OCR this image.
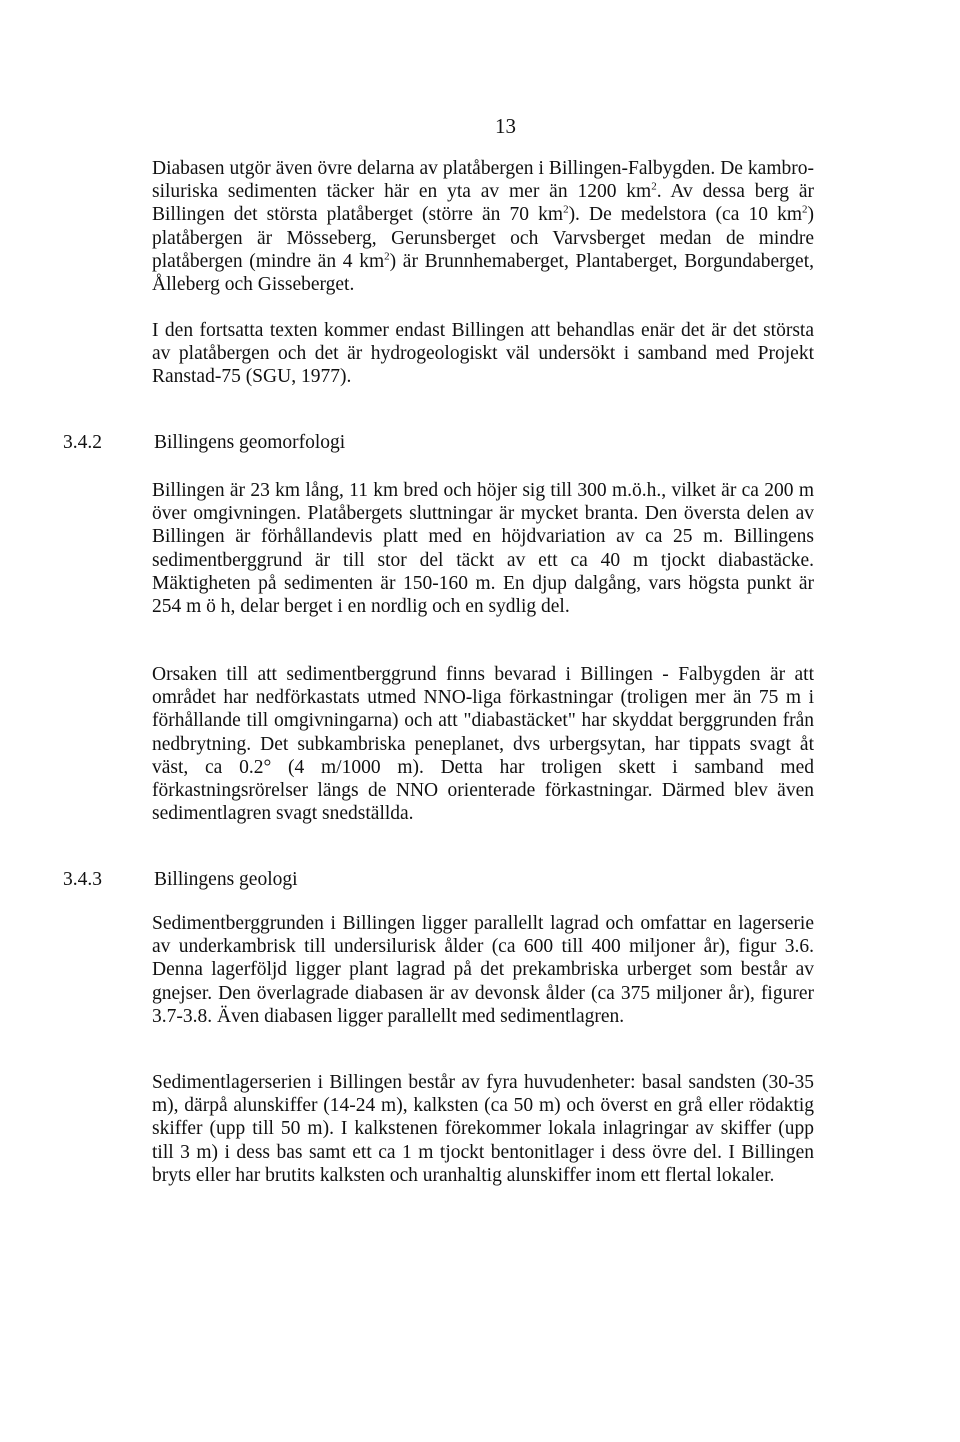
13

Diabasen utgör även övre delarna av platåbergen i Billingen-Falbygden. De kambro-siluriska sedimenten täcker här en yta av mer än 1200 $km^2$. Av dessa berg är Billingen det största platåberget (större än 70 $km^2$). De medelstora (ca 10 $km^2$) platåbergen är Mösseberg, Gerunsberget och Varvsberget medan de mindre platåbergen (mindre än 4 $km^2$) är Brunnhemaberget, Plantaberget, Borgundaberget, Ålleberg och Gisseberget.

I den fortsatta texten kommer endast Billingen att behandlas enär det är det största av platåbergen och det är hydrogeologiskt väl undersökt i samband med Projekt Ranstad-75 (SGU, 1977).

3.4.2	Billingens geomorfologi

Billingen är 23 km lång, 11 km bred och höjer sig till 300 m.ö.h., vilket är ca 200 m över omgivningen. Platåbergets sluttningar är mycket branta. Den översta delen av Billingen är förhållandevis platt med en höjdvariation av ca 25 m. Billingens sedimentberggrund är till stor del täckt av ett ca 40 m tjockt diabastäcke. Mäktigheten på sedimenten är 150-160 m. En djup dalgång, vars högsta punkt är 254 m ö h, delar berget i en nordlig och en sydlig del.

Orsaken till att sedimentberggrund finns bevarad i Billingen - Falbygden är att området har nedförkastats utmed NNO-liga förkastningar (troligen mer än 75 m i förhållande till omgivningarna) och att "diabastäcket" har skyddat berggrunden från nedbrytning. Det subkambriska peneplanet, dvs urbergsytan, har tippats svagt åt väst, ca 0.2° (4 m/1000 m). Detta har troligen skett i samband med förkastningsrörelser längs de NNO orienterade förkastningar. Därmed blev även sedimentlagren svagt snedställda.

3.4.3	Billingens geologi

Sedimentberggrunden i Billingen ligger parallellt lagrad och omfattar en lagerserie av underkambrisk till undersilurisk ålder (ca 600 till 400 miljoner år), figur 3.6. Denna lagerföljd ligger plant lagrad på det prekambriska urberget som består av gnejser. Den överlagrade diabasen är av devonsk ålder (ca 375 miljoner år), figurer 3.7-3.8. Även diabasen ligger parallellt med sedimentlagren.

Sedimentlagerserien i Billingen består av fyra huvudenheter: basal sandsten (30-35 m), därpå alunskiffer (14-24 m), kalksten (ca 50 m) och överst en grå eller rödaktig skiffer (upp till 50 m). I kalkstenen förekommer lokala inlagringar av skiffer (upp till 3 m) i dess bas samt ett ca 1 m tjockt bentonitlager i dess övre del. I Billingen bryts eller har brutits kalksten och uranhaltig alunskiffer inom ett flertal lokaler.
